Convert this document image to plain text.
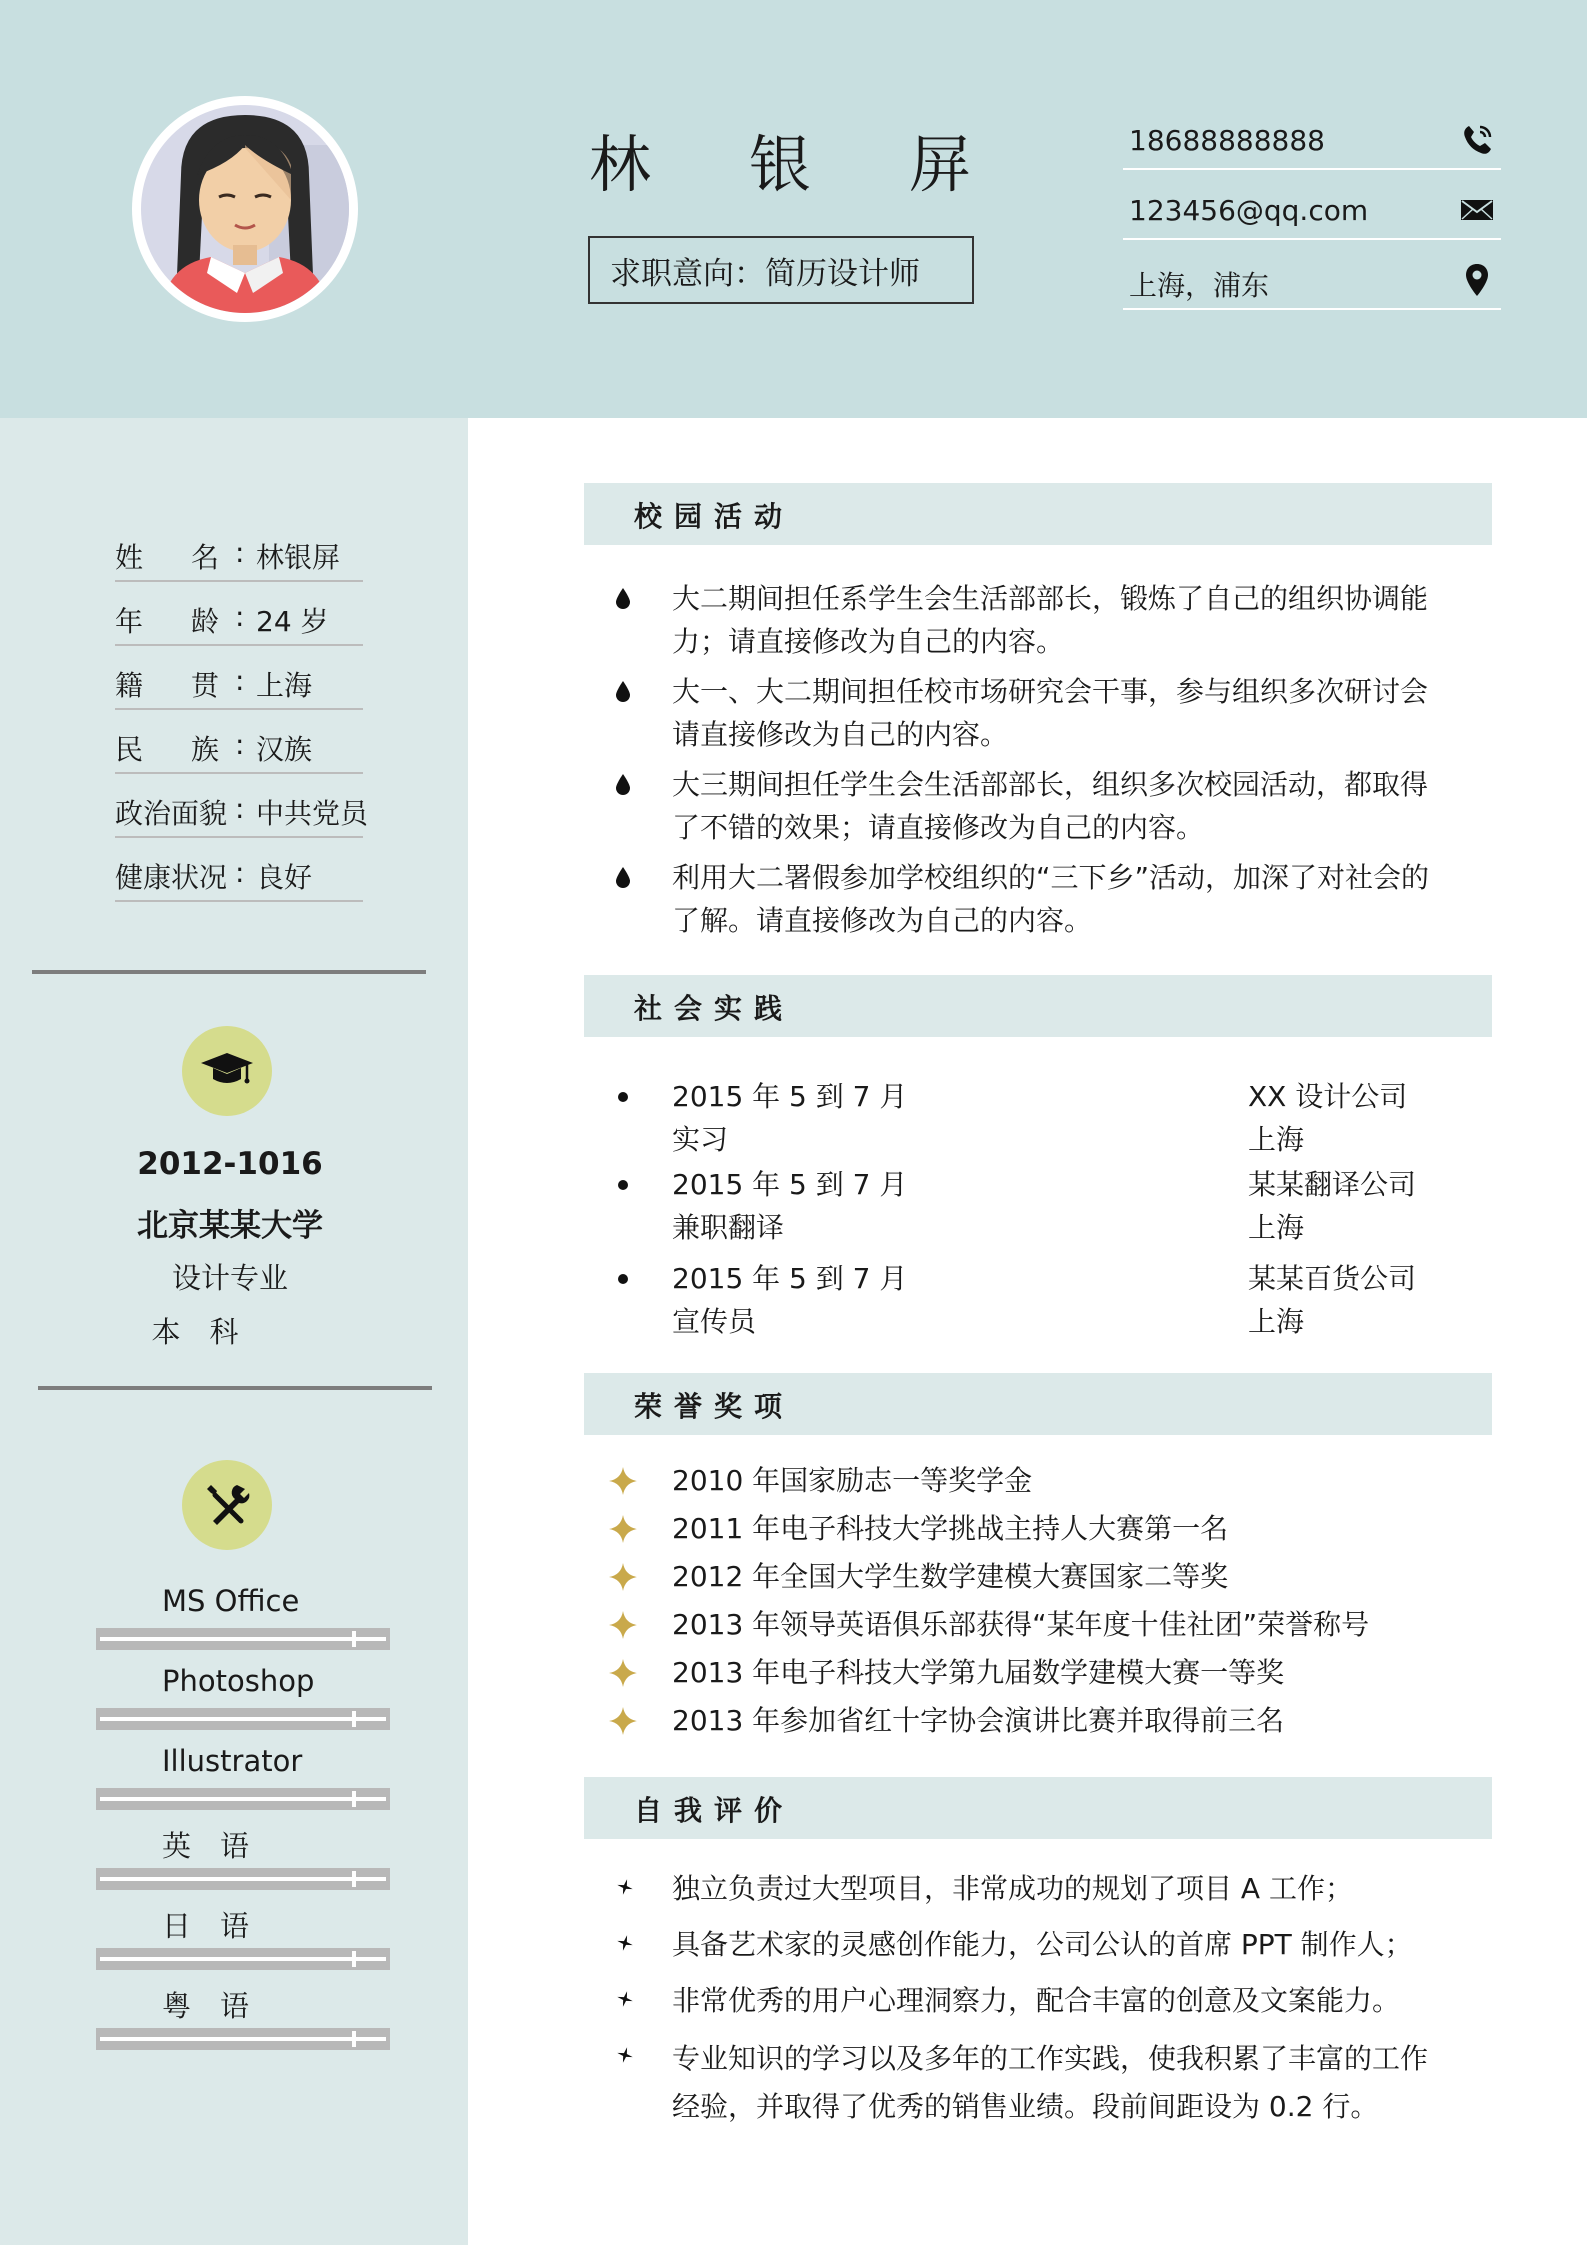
林 银 屏
求职意向：简历设计师
18688888888
123456@qq.com
上海，浦东
姓名 : 林银屏
年龄 : 24 岁
籍贯 : 上海
民族 : 汉族
政治面貌 : 中共党员
健康状况 : 良好
2012-1016
北京某某大学
设计专业
本　科
MS Office
Photoshop
Illustrator
英　语
日　语
粤　语
校园活动
大二期间担任系学生会生活部部长，锻炼了自己的组织协调能力；请直接修改为自己的内容。
大一、大二期间担任校市场研究会干事，参与组织多次研讨会请直接修改为自己的内容。
大三期间担任学生会生活部部长，组织多次校园活动，都取得了不错的效果；请直接修改为自己的内容。
利用大二署假参加学校组织的“三下乡”活动，加深了对社会的了解。请直接修改为自己的内容。
社会实践
2015 年 5 到 7 月
实习
XX 设计公司
上海
2015 年 5 到 7 月
兼职翻译
某某翻译公司
上海
2015 年 5 到 7 月
宣传员
某某百货公司
上海
荣誉奖项
2010 年国家励志一等奖学金
2011 年电子科技大学挑战主持人大赛第一名
2012 年全国大学生数学建模大赛国家二等奖
2013 年领导英语俱乐部获得“某年度十佳社团”荣誉称号
2013 年电子科技大学第九届数学建模大赛一等奖
2013 年参加省红十字协会演讲比赛并取得前三名
自我评价
独立负责过大型项目，非常成功的规划了项目 A 工作；
具备艺术家的灵感创作能力，公司公认的首席 PPT 制作人；
非常优秀的用户心理洞察力，配合丰富的创意及文案能力。
专业知识的学习以及多年的工作实践，使我积累了丰富的工作经验，并取得了优秀的销售业绩。段前间距设为 0.2 行。
